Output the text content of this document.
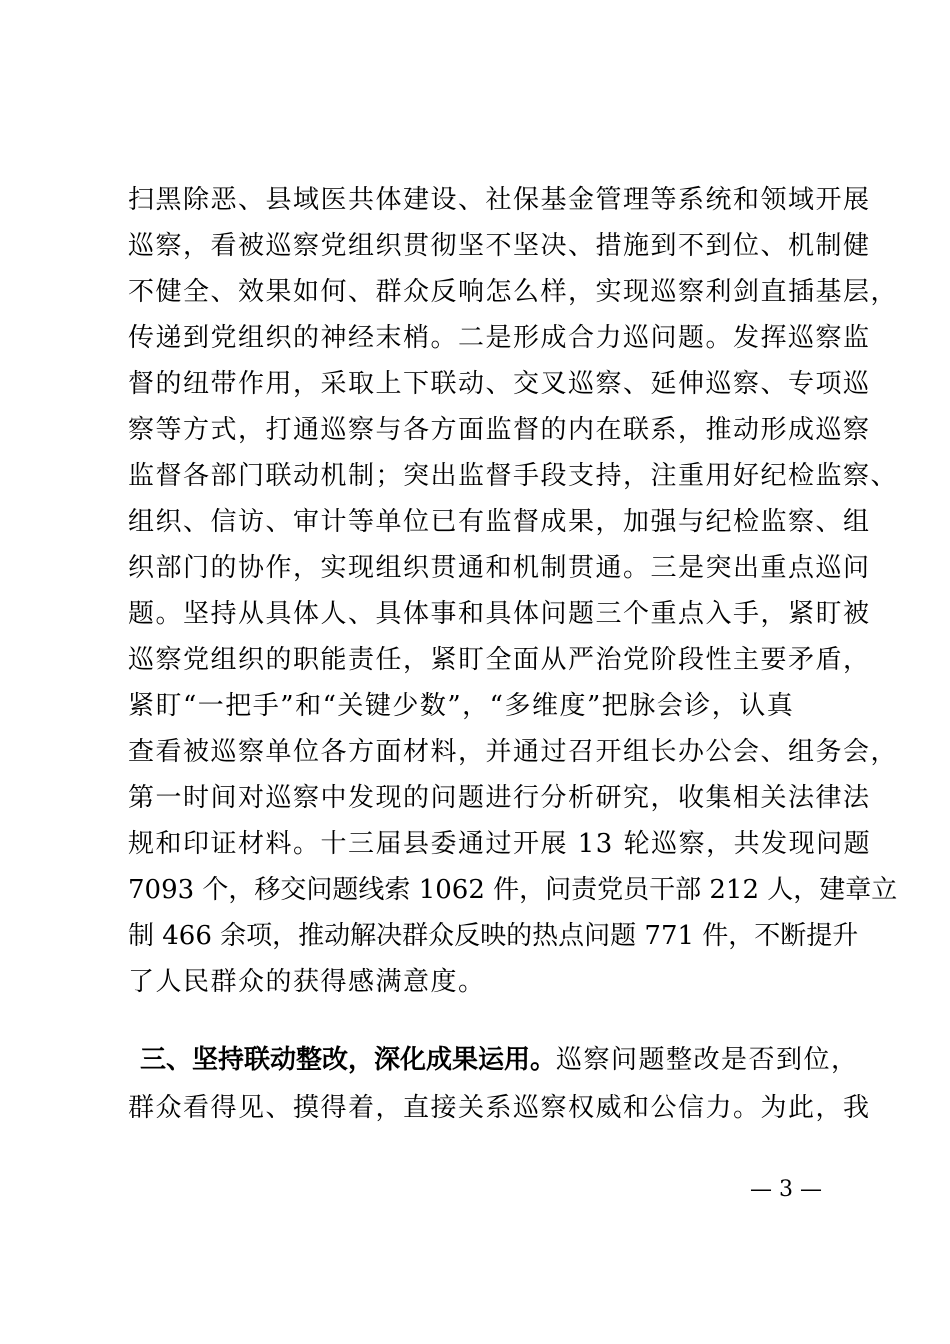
扫黑除恶、县域医共体建设、社保基金管理等系统和领域开展
巡察，看被巡察党组织贯彻坚不坚决、措施到不到位、机制健
不健全、效果如何、群众反响怎么样，实现巡察利剑直插基层，
传递到党组织的神经末梢。二是形成合力巡问题。发挥巡察监
督的纽带作用，采取上下联动、交叉巡察、延伸巡察、专项巡
察等方式，打通巡察与各方面监督的内在联系，推动形成巡察
监督各部门联动机制；突出监督手段支持，注重用好纪检监察、
组织、信访、审计等单位已有监督成果，加强与纪检监察、组
织部门的协作，实现组织贯通和机制贯通。三是突出重点巡问
题。坚持从具体人、具体事和具体问题三个重点入手，紧盯被
巡察党组织的职能责任，紧盯全面从严治党阶段性主要矛盾，
紧盯“一把手”和“关键少数”，“多维度”把脉会诊，认真
查看被巡察单位各方面材料，并通过召开组长办公会、组务会，
第一时间对巡察中发现的问题进行分析研究，收集相关法律法
规和印证材料。十三届县委通过开展 13 轮巡察，共发现问题
7093 个，移交问题线索 1062 件，问责党员干部 212 人，建章立
制 466 余项，推动解决群众反映的热点问题 771 件，不断提升
了人民群众的获得感满意度。
三、坚持联动整改，深化成果运用。巡察问题整改是否到位，
群众看得见、摸得着，直接关系巡察权威和公信力。为此，我
— 3 —
